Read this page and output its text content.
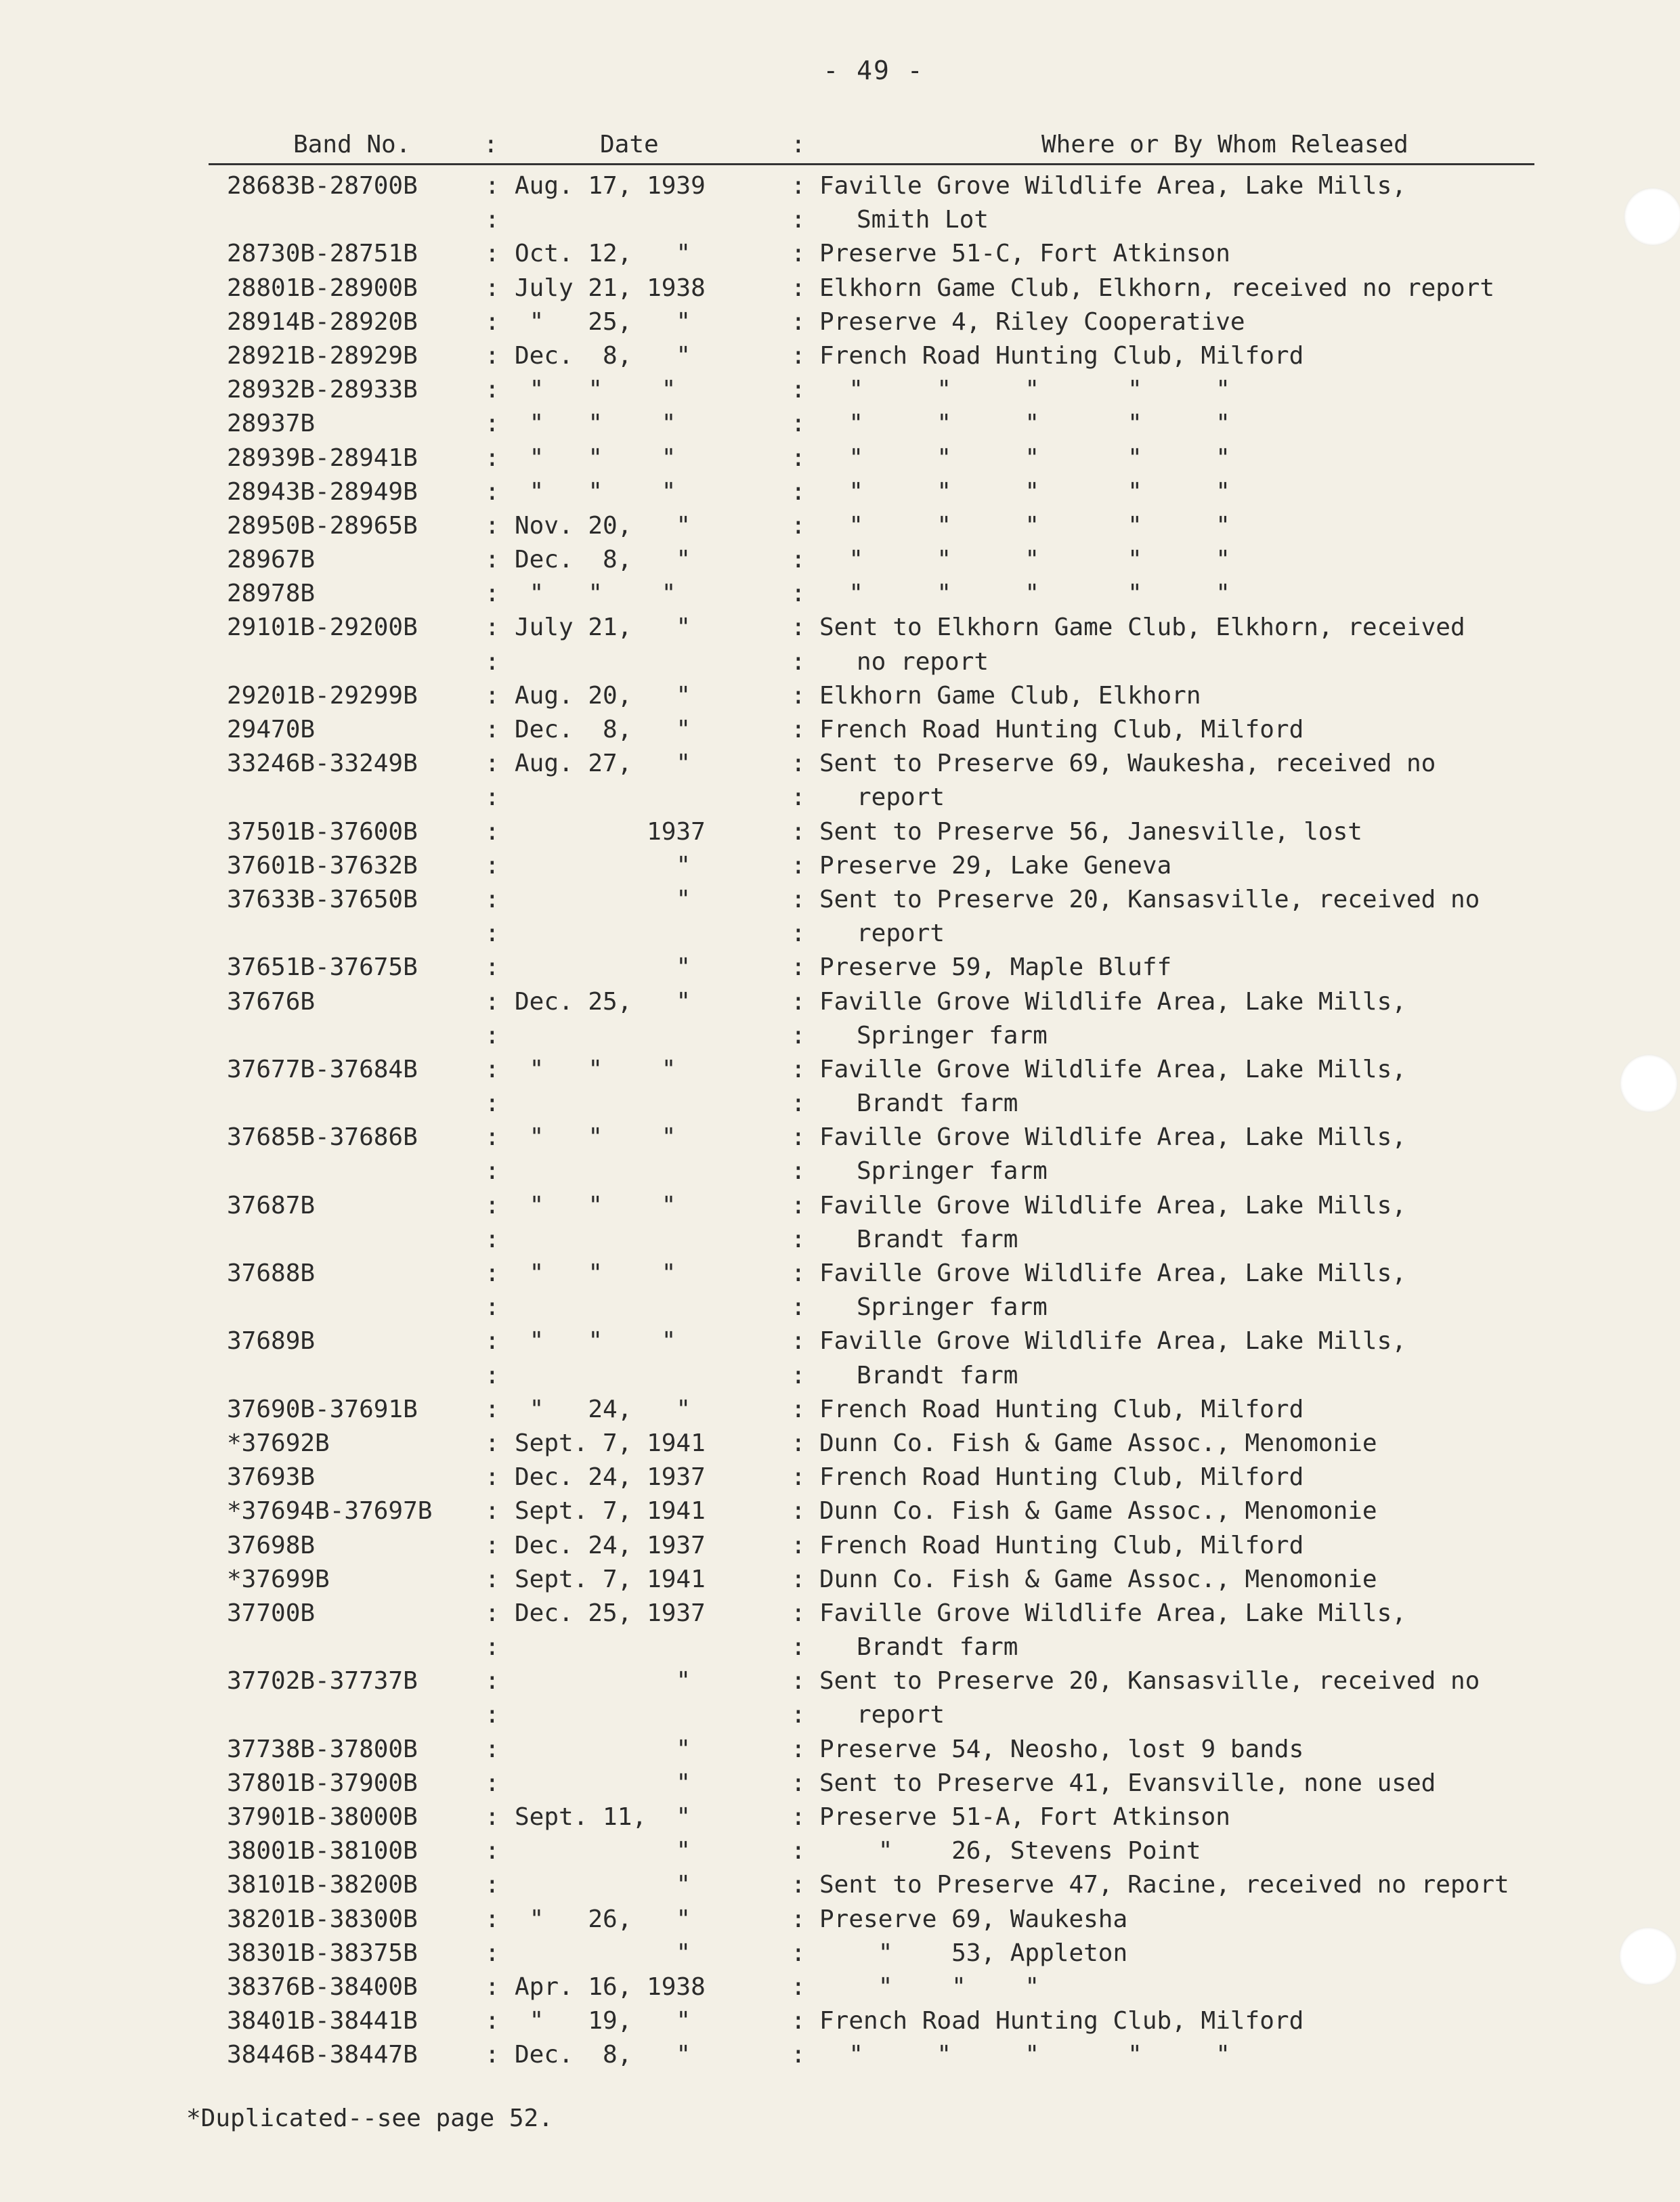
- 49 -
Band No.	:	Date	:	Where or By Whom Released
28683B-28700B	: Aug. 17, 1939	: Faville Grove Wildlife Area, Lake Mills,
:	: Smith Lot
28730B-28751B	: Oct. 12,   "	: Preserve 51-C, Fort Atkinson
28801B-28900B	: July 21, 1938	: Elkhorn Game Club, Elkhorn, received no report
28914B-28920B	: "   25,   "	: Preserve 4, Riley Cooperative
28921B-28929B	: Dec.  8,   "	: French Road Hunting Club, Milford
28932B-28933B	: "   "    "	: "     "     "      "     "
28937B	: "   "    "	: "     "     "      "     "
28939B-28941B	: "   "    "	: "     "     "      "     "
28943B-28949B	: "   "    "	: "     "     "      "     "
28950B-28965B	: Nov. 20,   "	: "     "     "      "     "
28967B	: Dec.  8,   "	: "     "     "      "     "
28978B	: "   "    "	: "     "     "      "     "
29101B-29200B	: July 21,   "	: Sent to Elkhorn Game Club, Elkhorn, received
:	: no report
29201B-29299B	: Aug. 20,   "	: Elkhorn Game Club, Elkhorn
29470B	: Dec.  8,   "	: French Road Hunting Club, Milford
33246B-33249B	: Aug. 27,   "	: Sent to Preserve 69, Waukesha, received no
:	: report
37501B-37600B	: 1937	: Sent to Preserve 56, Janesville, lost
37601B-37632B	: "	: Preserve 29, Lake Geneva
37633B-37650B	: "	: Sent to Preserve 20, Kansasville, received no
:	: report
37651B-37675B	: "	: Preserve 59, Maple Bluff
37676B	: Dec. 25,   "	: Faville Grove Wildlife Area, Lake Mills,
:	: Springer farm
37677B-37684B	: "   "    "	: Faville Grove Wildlife Area, Lake Mills,
:	: Brandt farm
37685B-37686B	: "   "    "	: Faville Grove Wildlife Area, Lake Mills,
:	: Springer farm
37687B	: "   "    "	: Faville Grove Wildlife Area, Lake Mills,
:	: Brandt farm
37688B	: "   "    "	: Faville Grove Wildlife Area, Lake Mills,
:	: Springer farm
37689B	: "   "    "	: Faville Grove Wildlife Area, Lake Mills,
:	: Brandt farm
37690B-37691B	: "   24,   "	: French Road Hunting Club, Milford
*37692B	: Sept. 7, 1941	: Dunn Co. Fish & Game Assoc., Menomonie
37693B	: Dec. 24, 1937	: French Road Hunting Club, Milford
*37694B-37697B : Sept. 7, 1941	: Dunn Co. Fish & Game Assoc., Menomonie
37698B	: Dec. 24, 1937	: French Road Hunting Club, Milford
*37699B	: Sept. 7, 1941	: Dunn Co. Fish & Game Assoc., Menomonie
37700B	: Dec. 25, 1937	: Faville Grove Wildlife Area, Lake Mills,
:	: Brandt farm
37702B-37737B	: "	: Sent to Preserve 20, Kansasville, received no
:	: report
37738B-37800B	: "	: Preserve 54, Neosho, lost 9 bands
37801B-37900B	: "	: Sent to Preserve 41, Evansville, none used
37901B-38000B	: Sept. 11,  "	: Preserve 51-A, Fort Atkinson
38001B-38100B	: "	: "    26, Stevens Point
38101B-38200B	: "	: Sent to Preserve 47, Racine, received no report
38201B-38300B	: "   26,   "	: Preserve 69, Waukesha
38301B-38375B	: "	: "    53, Appleton
38376B-38400B	: Apr. 16, 1938	: "    "    "
38401B-38441B	: "   19,   "	: French Road Hunting Club, Milford
38446B-38447B	: Dec.  8,   "	: "     "     "      "     "
*Duplicated--see page 52.
